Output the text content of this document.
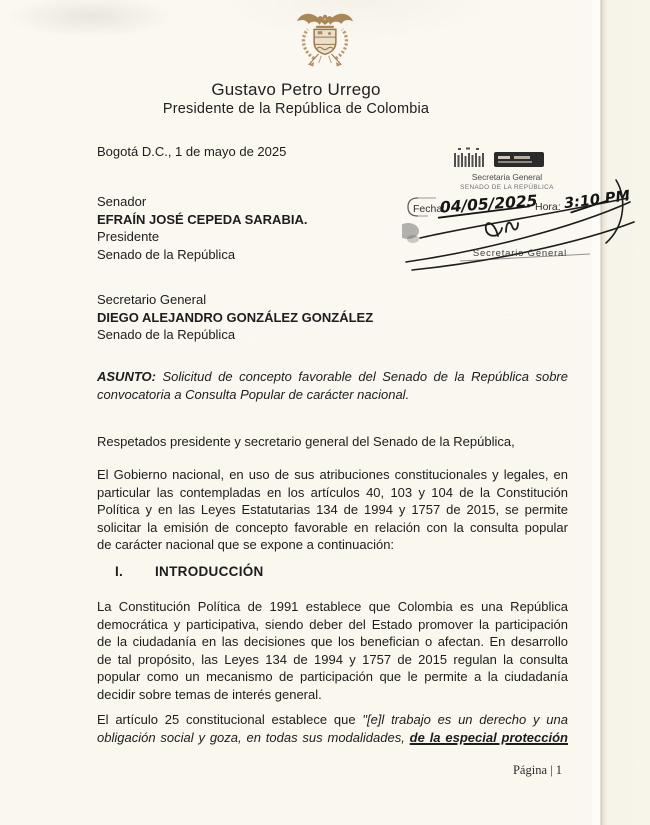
Gustavo Petro Urrego
Presidente de la República de Colombia
Bogotá D.C., 1 de mayo de 2025
Secretaria General
SENADO DE LA REPÚBLICA
Fecha:	Hora:
04/05/2025 3:10 PM
Secretario General
Senador
EFRAÍN JOSÉ CEPEDA SARABIA.
Presidente
Senado de la República
Secretario General
DIEGO ALEJANDRO GONZÁLEZ GONZÁLEZ
Senado de la República
ASUNTO: Solicitud de concepto favorable del Senado de la República sobre
convocatoria a Consulta Popular de carácter nacional.
Respetados presidente y secretario general del Senado de la República,
El Gobierno nacional, en uso de sus atribuciones constitucionales y legales, en
particular las contempladas en los artículos 40, 103 y 104 de la Constitución
Política y en las Leyes Estatutarias 134 de 1994 y 1757 de 2015, se permite
solicitar la emisión de concepto favorable en relación con la consulta popular
de carácter nacional que se expone a continuación:
I. INTRODUCCIÓN
La Constitución Política de 1991 establece que Colombia es una República
democrática y participativa, siendo deber del Estado promover la participación
de la ciudadanía en las decisiones que los benefician o afectan. En desarrollo
de tal propósito, las Leyes 134 de 1994 y 1757 de 2015 regulan la consulta
popular como un mecanismo de participación que le permite a la ciudadanía
decidir sobre temas de interés general.
El artículo 25 constitucional establece que "[e]l trabajo es un derecho y una
obligación social y goza, en todas sus modalidades, de la especial protección
Página | 1
